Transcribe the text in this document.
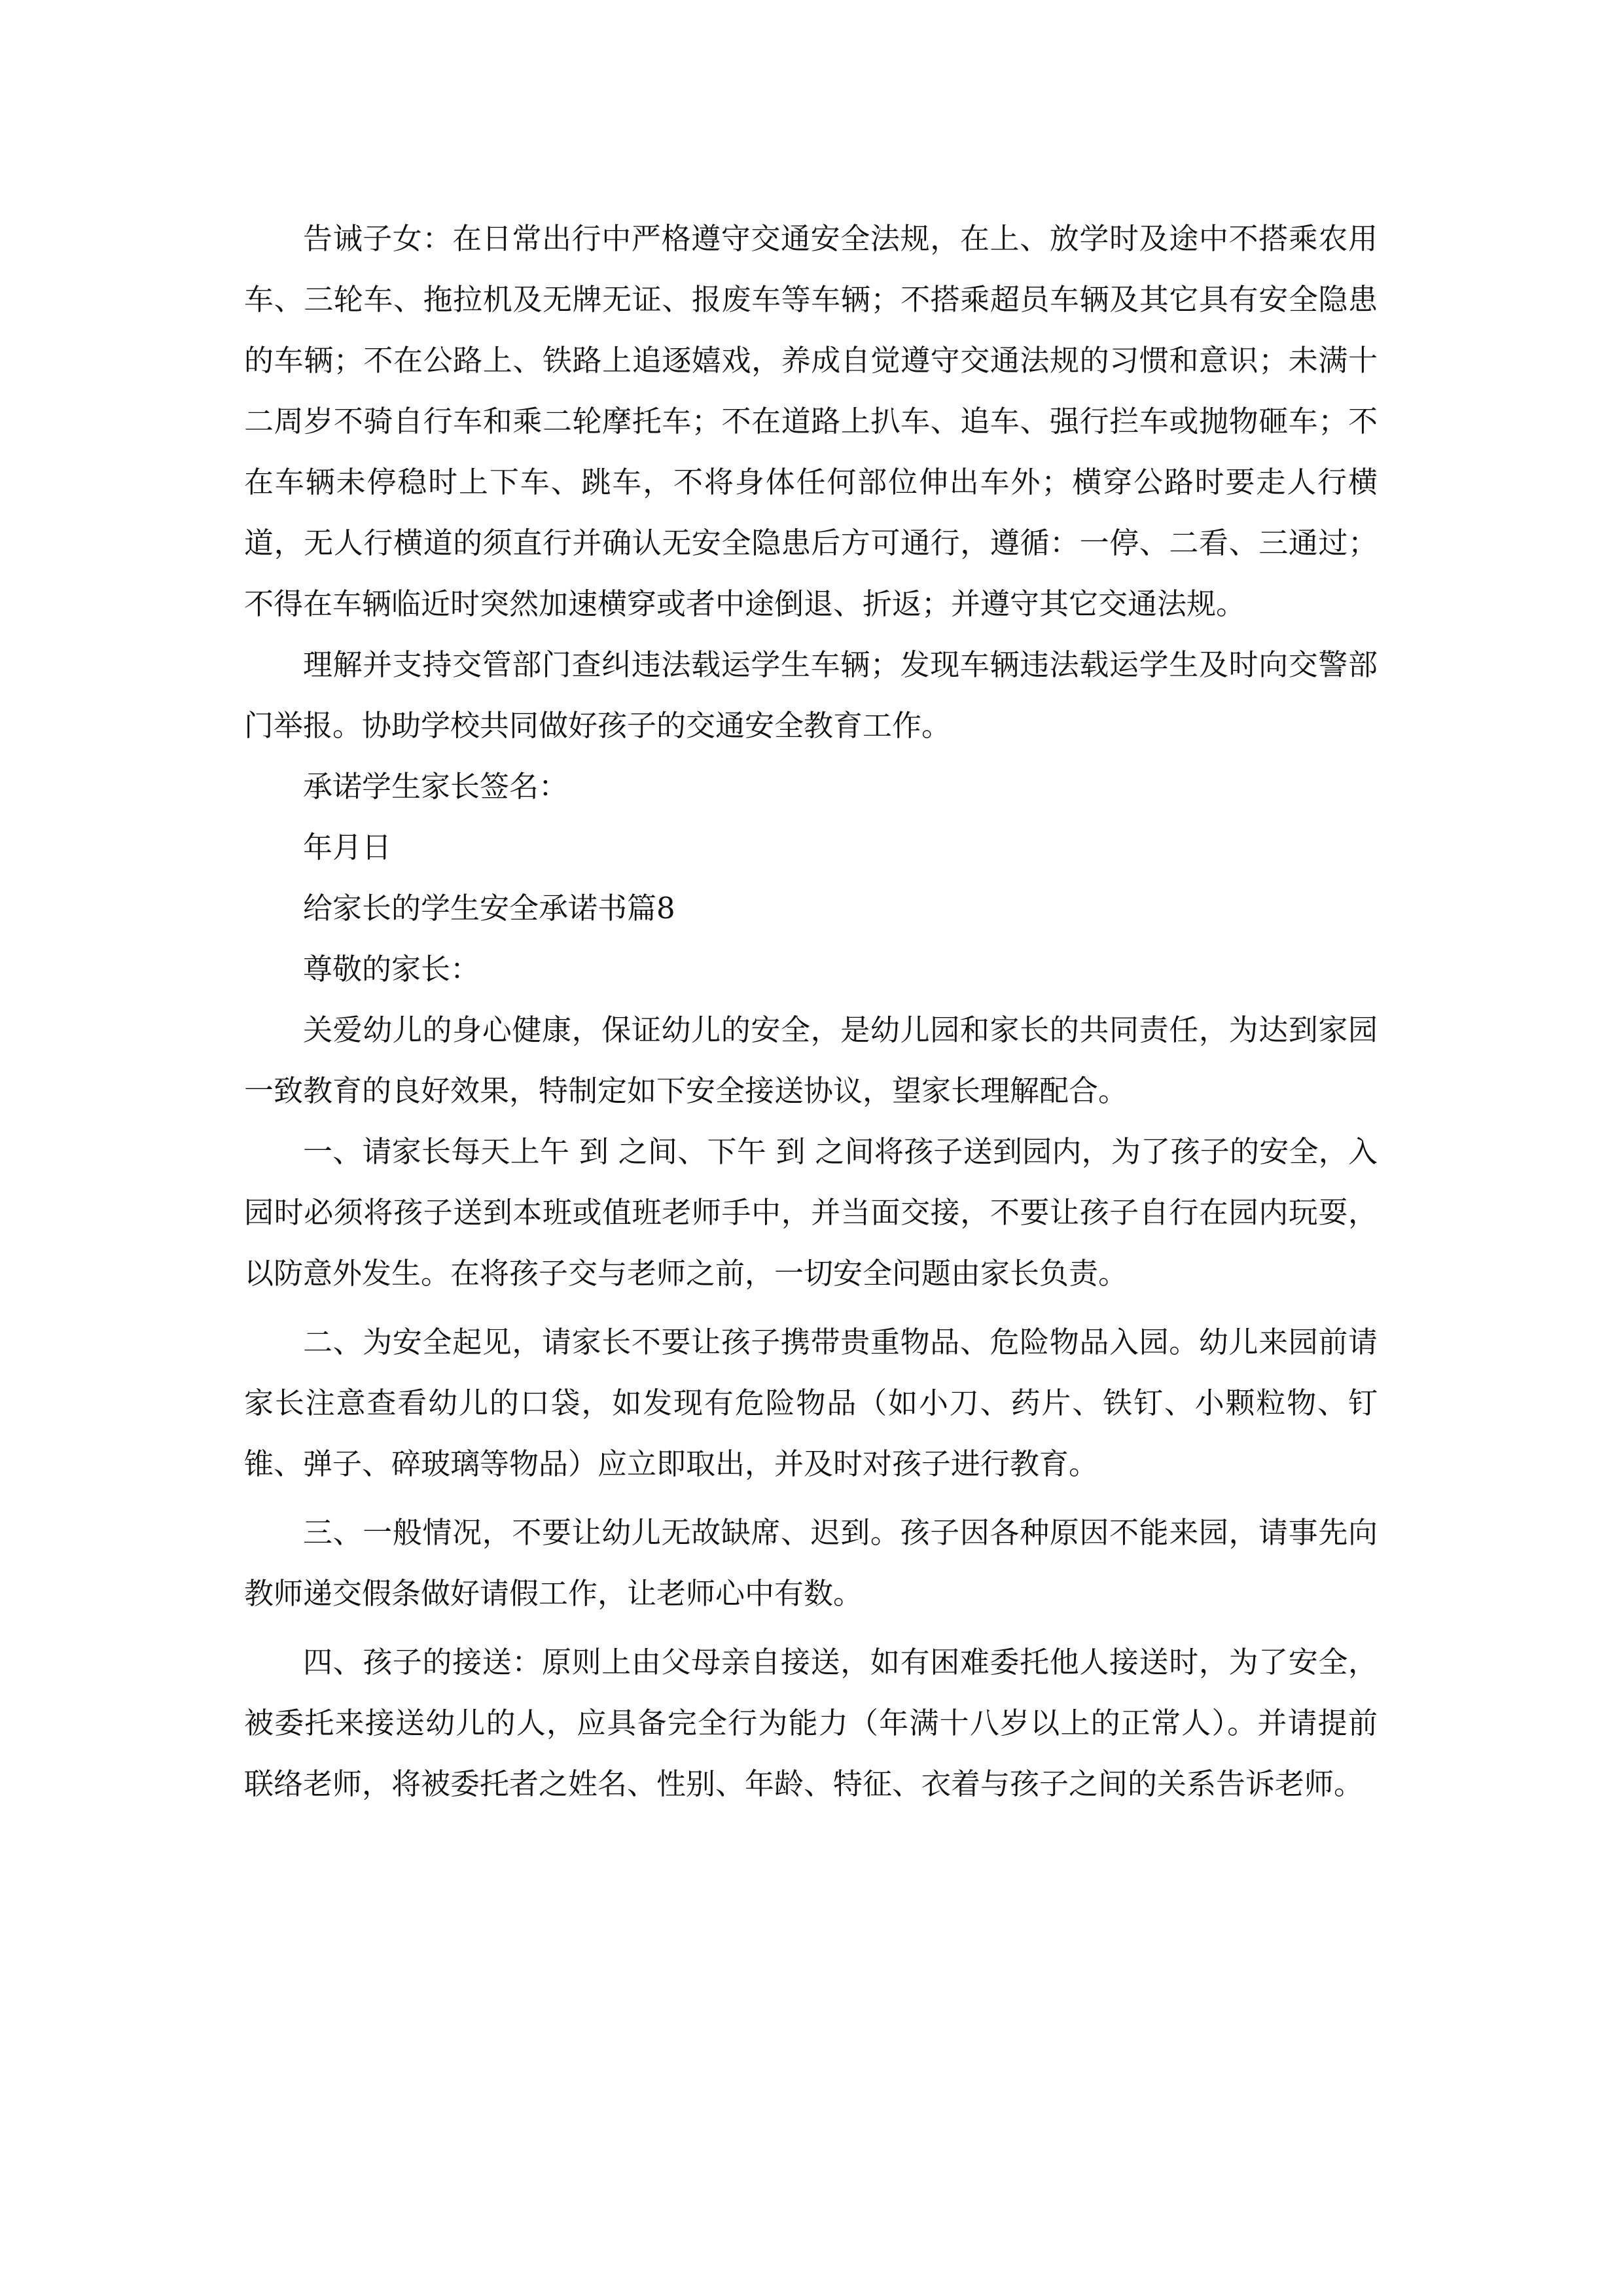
告诫子女：在日常出行中严格遵守交通安全法规，在上、放学时及途中不搭乘农用车、三轮车、拖拉机及无牌无证、报废车等车辆；不搭乘超员车辆及其它具有安全隐患的车辆；不在公路上、铁路上追逐嬉戏，养成自觉遵守交通法规的习惯和意识；未满十二周岁不骑自行车和乘二轮摩托车；不在道路上扒车、追车、强行拦车或抛物砸车；不在车辆未停稳时上下车、跳车，不将身体任何部位伸出车外；横穿公路时要走人行横道，无人行横道的须直行并确认无安全隐患后方可通行，遵循：一停、二看、三通过；不得在车辆临近时突然加速横穿或者中途倒退、折返；并遵守其它交通法规。

理解并支持交管部门查纠违法载运学生车辆；发现车辆违法载运学生及时向交警部门举报。协助学校共同做好孩子的交通安全教育工作。

承诺学生家长签名：

年月日

给家长的学生安全承诺书篇8

尊敬的家长：

关爱幼儿的身心健康，保证幼儿的安全，是幼儿园和家长的共同责任，为达到家园一致教育的良好效果，特制定如下安全接送协议，望家长理解配合。

一、请家长每天上午 到 之间、下午 到 之间将孩子送到园内，为了孩子的安全，入园时必须将孩子送到本班或值班老师手中，并当面交接，不要让孩子自行在园内玩耍，以防意外发生。在将孩子交与老师之前，一切安全问题由家长负责。

二、为安全起见，请家长不要让孩子携带贵重物品、危险物品入园。幼儿来园前请家长注意查看幼儿的口袋，如发现有危险物品（如小刀、药片、铁钉、小颗粒物、钉锥、弹子、碎玻璃等物品）应立即取出，并及时对孩子进行教育。

三、一般情况，不要让幼儿无故缺席、迟到。孩子因各种原因不能来园，请事先向教师递交假条做好请假工作，让老师心中有数。

四、孩子的接送：原则上由父母亲自接送，如有困难委托他人接送时，为了安全，被委托来接送幼儿的人，应具备完全行为能力（年满十八岁以上的正常人）。并请提前联络老师，将被委托者之姓名、性别、年龄、特征、衣着与孩子之间的关系告诉老师。
